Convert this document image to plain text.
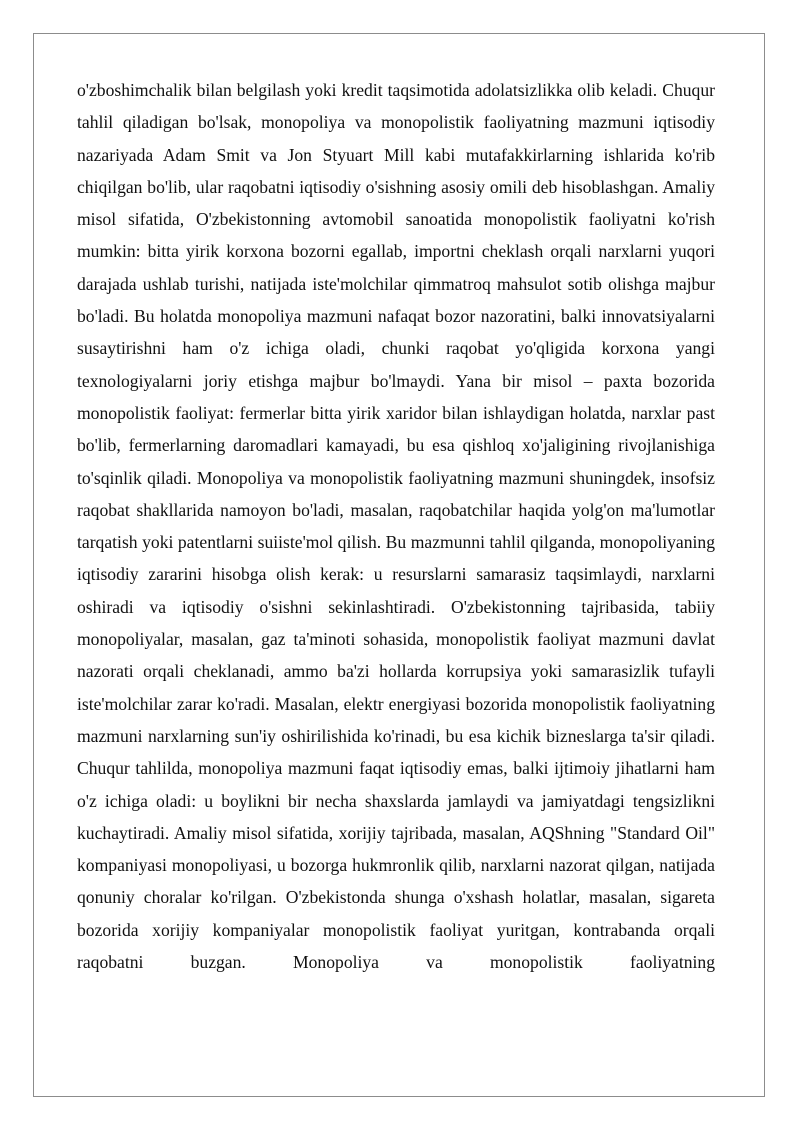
o'zboshimchalik bilan belgilash yoki kredit taqsimotida adolatsizlikka olib keladi. Chuqur tahlil qiladigan bo'lsak, monopoliya va monopolistik faoliyatning mazmuni iqtisodiy nazariyada Adam Smit va Jon Styuart Mill kabi mutafakkirlarning ishlarida ko'rib chiqilgan bo'lib, ular raqobatni iqtisodiy o'sishning asosiy omili deb hisoblashgan. Amaliy misol sifatida, O'zbekistonning avtomobil sanoatida monopolistik faoliyatni ko'rish mumkin: bitta yirik korxona bozorni egallab, importni cheklash orqali narxlarni yuqori darajada ushlab turishi, natijada iste'molchilar qimmatroq mahsulot sotib olishga majbur bo'ladi. Bu holatda monopoliya mazmuni nafaqat bozor nazoratini, balki innovatsiyalarni susaytirishni ham o'z ichiga oladi, chunki raqobat yo'qligida korxona yangi texnologiyalarni joriy etishga majbur bo'lmaydi. Yana bir misol – paxta bozorida monopolistik faoliyat: fermerlar bitta yirik xaridor bilan ishlaydigan holatda, narxlar past bo'lib, fermerlarning daromadlari kamayadi, bu esa qishloq xo'jaligining rivojlanishiga to'sqinlik qiladi. Monopoliya va monopolistik faoliyatning mazmuni shuningdek, insofsiz raqobat shakllarida namoyon bo'ladi, masalan, raqobatchilar haqida yolg'on ma'lumotlar tarqatish yoki patentlarni suiiste'mol qilish. Bu mazmunni tahlil qilganda, monopoliyaning iqtisodiy zararini hisobga olish kerak: u resurslarni samarasiz taqsimlaydi, narxlarni oshiradi va iqtisodiy o'sishni sekinlashtiradi. O'zbekistonning tajribasida, tabiiy monopoliyalar, masalan, gaz ta'minoti sohasida, monopolistik faoliyat mazmuni davlat nazorati orqali cheklanadi, ammo ba'zi hollarda korrupsiya yoki samarasizlik tufayli iste'molchilar zarar ko'radi. Masalan, elektr energiyasi bozorida monopolistik faoliyatning mazmuni narxlarning sun'iy oshirilishida ko'rinadi, bu esa kichik bizneslarga ta'sir qiladi. Chuqur tahlilda, monopoliya mazmuni faqat iqtisodiy emas, balki ijtimoiy jihatlarni ham o'z ichiga oladi: u boylikni bir necha shaxslarda jamlaydi va jamiyatdagi tengsizlikni kuchaytiradi. Amaliy misol sifatida, xorijiy tajribada, masalan, AQShning "Standard Oil" kompaniyasi monopoliyasi, u bozorga hukmronlik qilib, narxlarni nazorat qilgan, natijada qonuniy choralar ko'rilgan. O'zbekistonda shunga o'xshash holatlar, masalan, sigareta bozorida xorijiy kompaniyalar monopolistik faoliyat yuritgan, kontrabanda orqali raqobatni buzgan. Monopoliya va monopolistik faoliyatning
